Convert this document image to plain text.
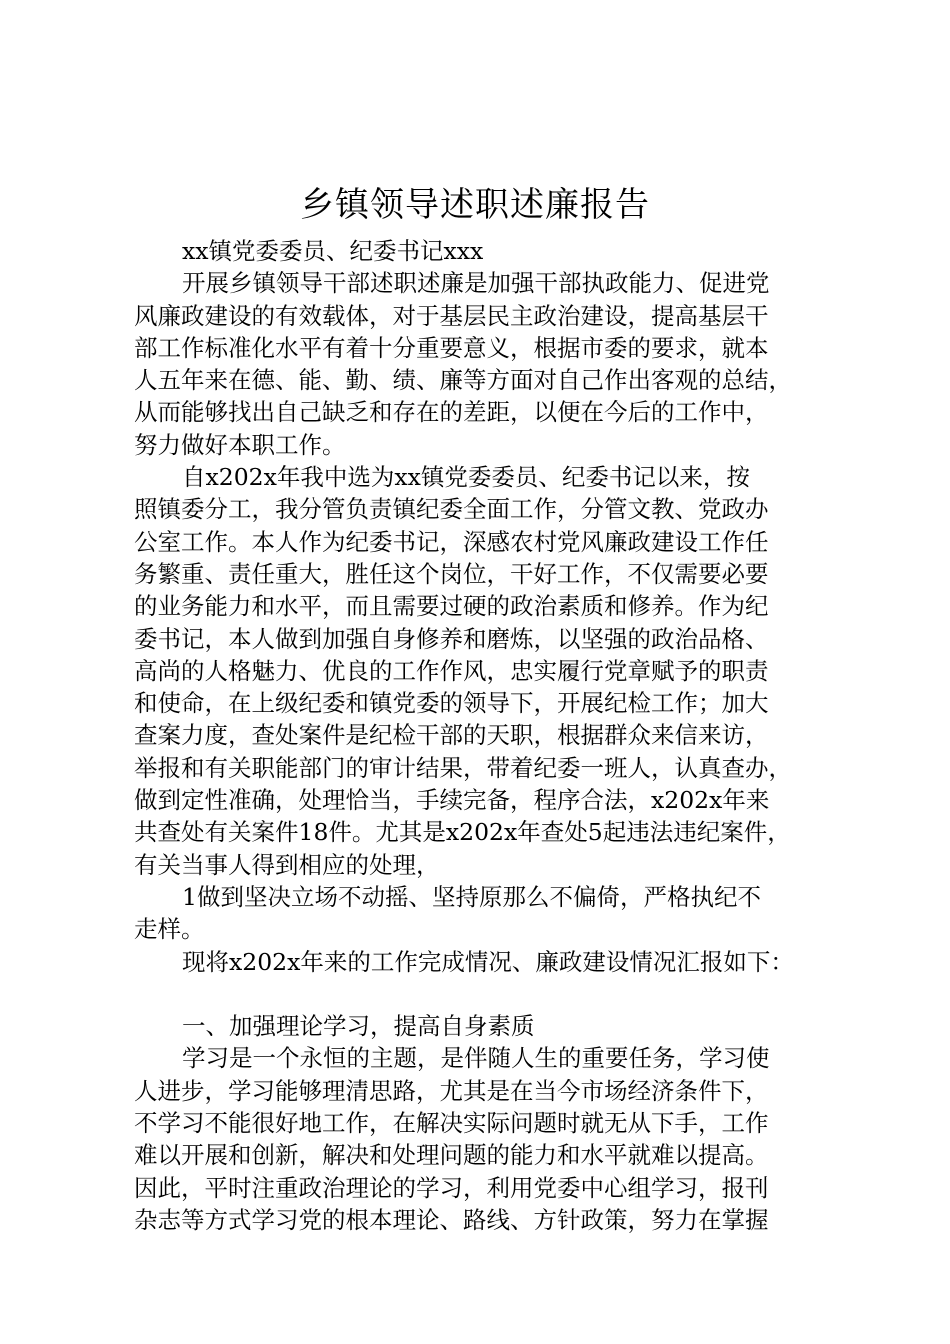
乡镇领导述职述廉报告
xx镇党委委员、纪委书记xxx
开展乡镇领导干部述职述廉是加强干部执政能力、促进党
风廉政建设的有效载体，对于基层民主政治建设，提高基层干
部工作标准化水平有着十分重要意义，根据市委的要求，就本
人五年来在德、能、勤、绩、廉等方面对自己作出客观的总结，
从而能够找出自己缺乏和存在的差距，以便在今后的工作中，
努力做好本职工作。
自x202x年我中选为xx镇党委委员、纪委书记以来，按
照镇委分工，我分管负责镇纪委全面工作，分管文教、党政办
公室工作。本人作为纪委书记，深感农村党风廉政建设工作任
务繁重、责任重大，胜任这个岗位，干好工作，不仅需要必要
的业务能力和水平，而且需要过硬的政治素质和修养。作为纪
委书记，本人做到加强自身修养和磨炼，以坚强的政治品格、
高尚的人格魅力、优良的工作作风，忠实履行党章赋予的职责
和使命，在上级纪委和镇党委的领导下，开展纪检工作；加大
查案力度，查处案件是纪检干部的天职，根据群众来信来访，
举报和有关职能部门的审计结果，带着纪委一班人，认真查办，
做到定性准确，处理恰当，手续完备，程序合法，x202x年来
共查处有关案件18件。尤其是x202x年查处5起违法违纪案件，
有关当事人得到相应的处理，
1做到坚决立场不动摇、坚持原那么不偏倚，严格执纪不
走样。
现将x202x年来的工作完成情况、廉政建设情况汇报如下：
一、加强理论学习，提高自身素质
学习是一个永恒的主题，是伴随人生的重要任务，学习使
人进步，学习能够理清思路，尤其是在当今市场经济条件下，
不学习不能很好地工作，在解决实际问题时就无从下手，工作
难以开展和创新，解决和处理问题的能力和水平就难以提高。
因此，平时注重政治理论的学习，利用党委中心组学习，报刊
杂志等方式学习党的根本理论、路线、方针政策，努力在掌握
